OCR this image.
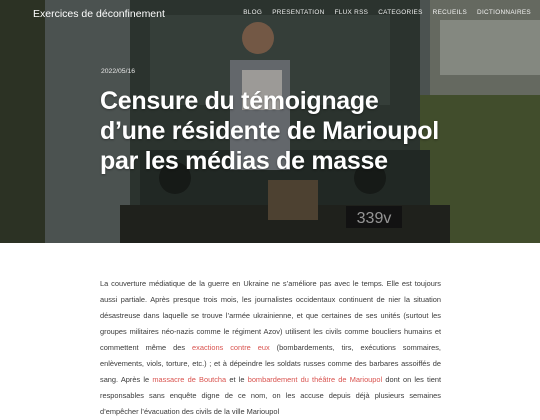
339v
Exercices de déconfinement	BLOG PRESENTATION FLUX RSS CATEGORIES RECUEILS DICTIONNAIRES
2022/05/16
Censure du témoignage d’une résidente de Marioupol par les médias de masse

La couverture médiatique de la guerre en Ukraine ne s’améliore pas avec le temps. Elle est toujours aussi partiale. Après presque trois mois, les journalistes occidentaux continuent de nier la situation désastreuse dans laquelle se trouve l’armée ukrainienne, et que certaines de ses unités (surtout les groupes militaires néo-nazis comme le régiment Azov) utilisent les civils comme boucliers humains et commettent même des exactions contre eux (bombardements, tirs, exécutions sommaires, enlèvements, viols, torture, etc.) ; et à dépeindre les soldats russes comme des barbares assoiffés de sang. Après le massacre de Boutcha et le bombardement du théâtre de Marioupol dont on les tient responsables sans enquête digne de ce nom, on les accuse depuis déjà plusieurs semaines d’empêcher l’évacuation des civils de la ville Marioupol
